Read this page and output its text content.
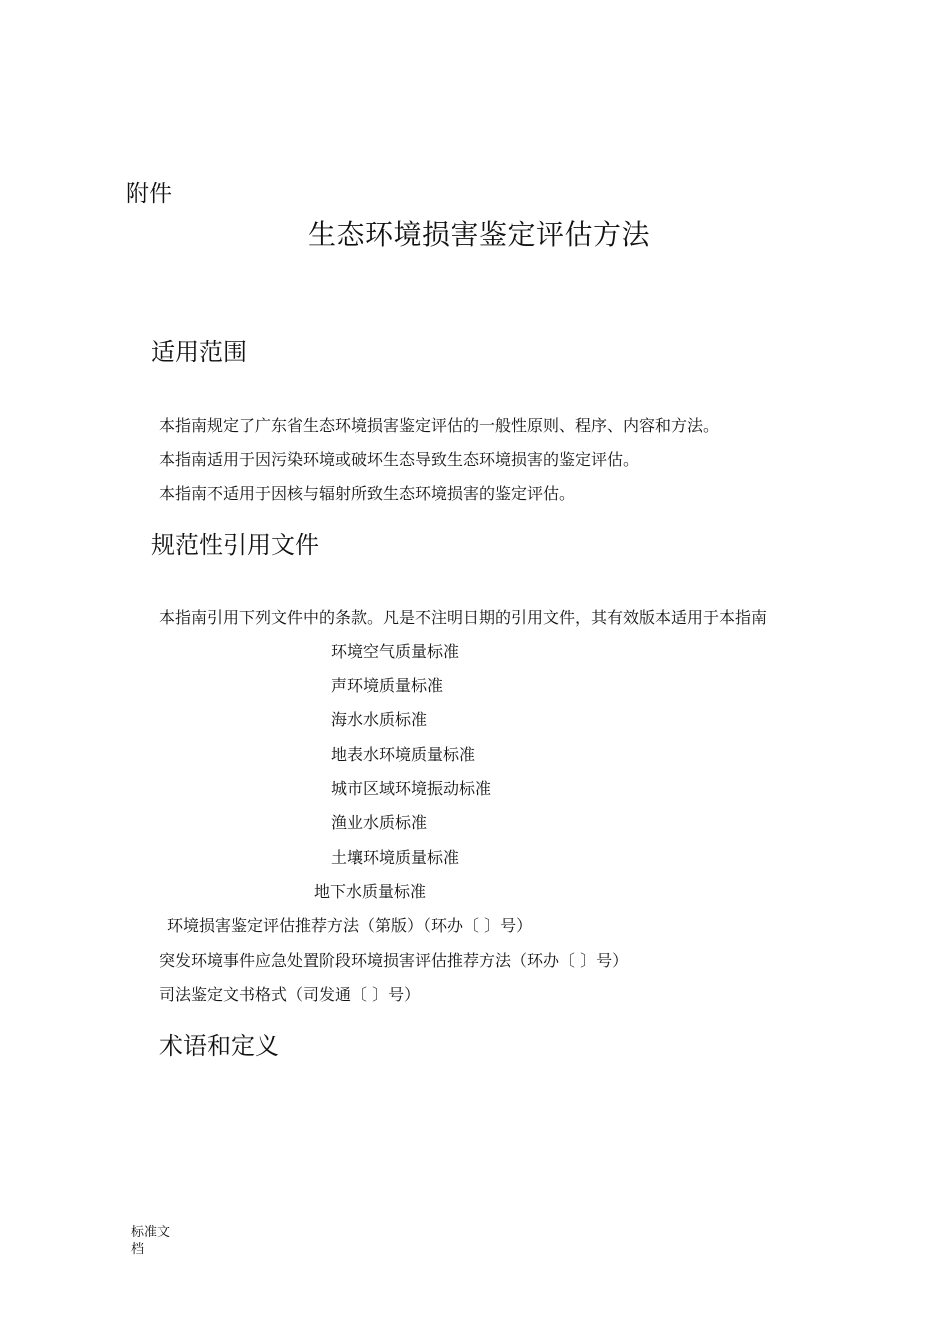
附件
生态环境损害鉴定评估方法
适用范围
本指南规定了广东省生态环境损害鉴定评估的一般性原则、程序、内容和方法。
本指南适用于因污染环境或破坏生态导致生态环境损害的鉴定评估。
本指南不适用于因核与辐射所致生态环境损害的鉴定评估。
规范性引用文件
本指南引用下列文件中的条款。凡是不注明日期的引用文件，其有效版本适用于本指南
环境空气质量标准
声环境质量标准
海水水质标准
地表水环境质量标准
城市区域环境振动标准
渔业水质标准
土壤环境质量标准
地下水质量标准
环境损害鉴定评估推荐方法（第版）（环办〔 〕号）
突发环境事件应急处置阶段环境损害评估推荐方法（环办〔 〕号）
司法鉴定文书格式（司发通〔 〕号）
术语和定义
标准文
档
